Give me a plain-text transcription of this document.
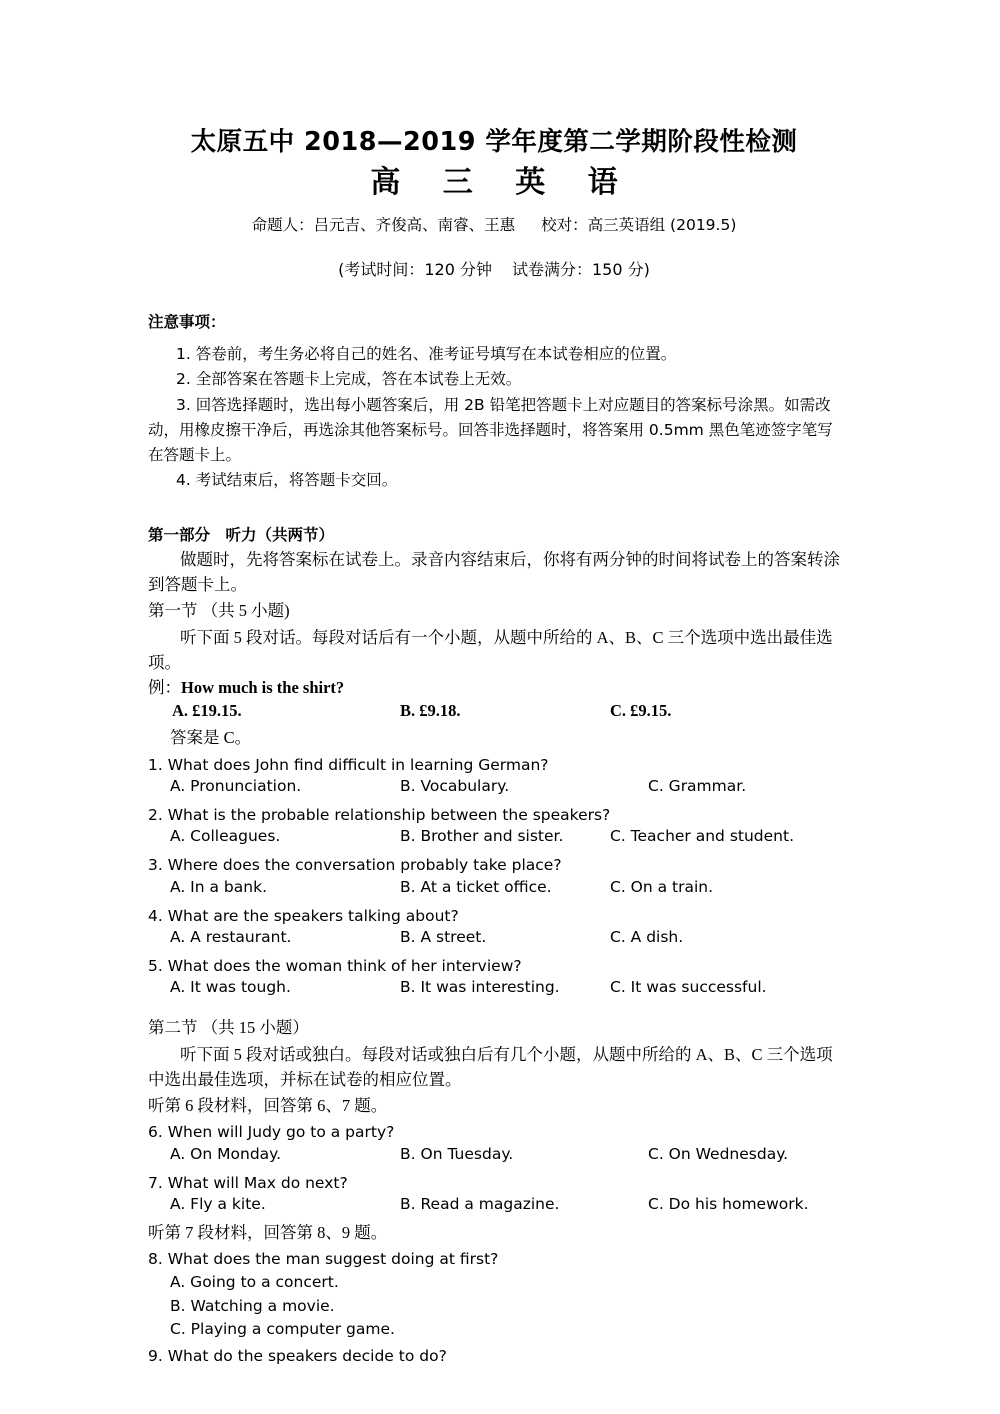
太原五中 2018—2019 学年度第二学期阶段性检测
高 三 英 语
命题人：吕元吉、齐俊高、南睿、王惠 校对：高三英语组 (2019.5)
(考试时间：120 分钟 试卷满分：150 分)
注意事项：
1. 答卷前，考生务必将自己的姓名、准考证号填写在本试卷相应的位置。
2. 全部答案在答题卡上完成，答在本试卷上无效。
3. 回答选择题时，选出每小题答案后，用 2B 铅笔把答题卡上对应题目的答案标号涂黑。如需改动，用橡皮擦干净后，再选涂其他答案标号。回答非选择题时，将答案用 0.5mm 黑色笔迹签字笔写在答题卡上。
4. 考试结束后，将答题卡交回。
第一部分　听力（共两节）
做题时，先将答案标在试卷上。录音内容结束后，你将有两分钟的时间将试卷上的答案转涂到答题卡上。
第一节 （共 5 小题)
听下面 5 段对话。每段对话后有一个小题，从题中所给的 A、B、C 三个选项中选出最佳选项。
例：How much is the shirt?
A. £19.15.	B. £9.18.	C. £9.15.
答案是 C。
1. What does John find difficult in learning German?
A. Pronunciation.	B. Vocabulary.	C. Grammar.
2. What is the probable relationship between the speakers?
A. Colleagues.	B. Brother and sister.	C. Teacher and student.
3. Where does the conversation probably take place?
A. In a bank.	B. At a ticket office.	C. On a train.
4. What are the speakers talking about?
A. A restaurant.	B. A street.	C. A dish.
5. What does the woman think of her interview?
A. It was tough.	B. It was interesting.	C. It was successful.
第二节 （共 15 小题）
听下面 5 段对话或独白。每段对话或独白后有几个小题，从题中所给的 A、B、C 三个选项中选出最佳选项，并标在试卷的相应位置。
听第 6 段材料，回答第 6、7 题。
6. When will Judy go to a party?
A. On Monday.	B. On Tuesday.	C. On Wednesday.
7. What will Max do next?
A. Fly a kite.	B. Read a magazine.	C. Do his homework.
听第 7 段材料，回答第 8、9 题。
8. What does the man suggest doing at first?
A. Going to a concert.
B. Watching a movie.
C. Playing a computer game.
9. What do the speakers decide to do?
